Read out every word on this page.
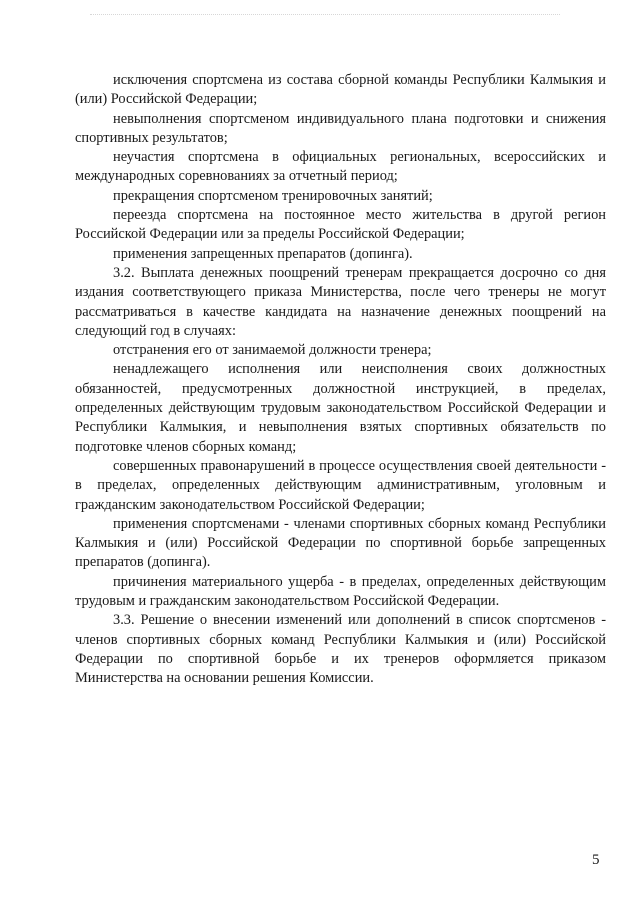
исключения спортсмена из состава сборной команды Республики Калмыкия и (или) Российской Федерации;

невыполнения спортсменом индивидуального плана подготовки и снижения спортивных результатов;

неучастия спортсмена в официальных региональных, всероссийских и международных соревнованиях за отчетный период;

прекращения спортсменом тренировочных занятий;

переезда спортсмена на постоянное место жительства в другой регион Российской Федерации или за пределы Российской Федерации;

применения запрещенных препаратов (допинга).

3.2. Выплата денежных поощрений тренерам прекращается досрочно со дня издания соответствующего приказа Министерства, после чего тренеры не могут рассматриваться в качестве кандидата на назначение денежных поощрений на следующий год в случаях:

отстранения его от занимаемой должности тренера;

ненадлежащего исполнения или неисполнения своих должностных обязанностей, предусмотренных должностной инструкцией, в пределах, определенных действующим трудовым законодательством Российской Федерации и Республики Калмыкия, и невыполнения взятых спортивных обязательств по подготовке членов сборных команд;

совершенных правонарушений в процессе осуществления своей деятельности - в пределах, определенных действующим административным, уголовным и гражданским законодательством Российской Федерации;

применения спортсменами - членами спортивных сборных команд Республики Калмыкия и (или) Российской Федерации по спортивной борьбе запрещенных препаратов (допинга).

причинения материального ущерба - в пределах, определенных действующим трудовым и гражданским законодательством Российской Федерации.

3.3. Решение о внесении изменений или дополнений в список спортсменов - членов спортивных сборных команд Республики Калмыкия и (или) Российской Федерации по спортивной борьбе и их тренеров оформляется приказом Министерства на основании решения Комиссии.

5
